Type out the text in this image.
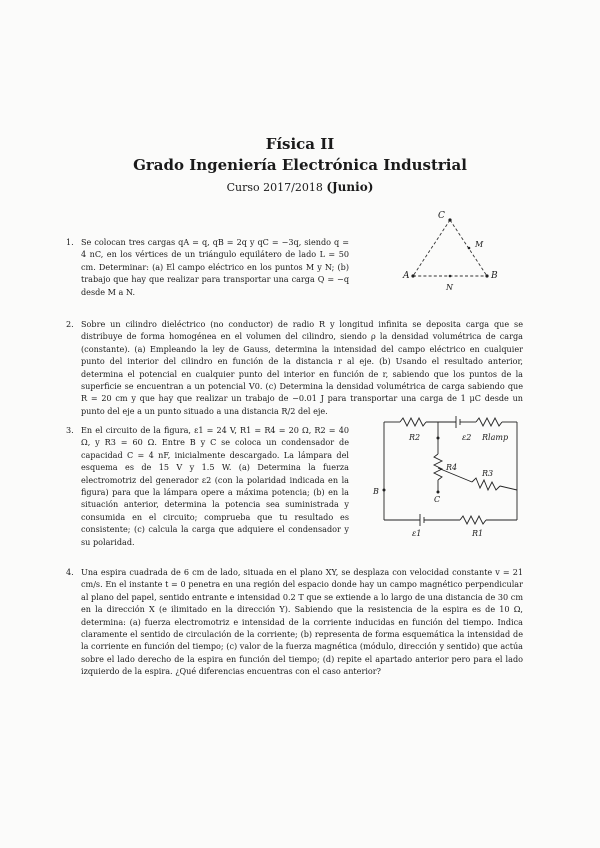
Física II
Grado Ingeniería Electrónica Industrial
Curso 2017/2018 (Junio)
1. Se colocan tres cargas qA = q, qB = 2q y qC = −3q, siendo q = 4 nC, en los vértices de un triángulo equilátero de lado L = 50 cm. Determinar: (a) El campo eléctrico en los puntos M y N; (b) trabajo que hay que realizar para transportar una carga Q = −q desde M a N.
C
M
A	B
N
2. Sobre un cilindro dieléctrico (no conductor) de radio R y longitud infinita se deposita carga que se distribuye de forma homogénea en el volumen del cilindro, siendo ρ la densidad volumétrica de carga (constante). (a) Empleando la ley de Gauss, determina la intensidad del campo eléctrico en cualquier punto del interior del cilindro en función de la distancia r al eje. (b) Usando el resultado anterior, determina el potencial en cualquier punto del interior en función de r, sabiendo que los puntos de la superficie se encuentran a un potencial V0. (c) Determina la densidad volumétrica de carga sabiendo que R = 20 cm y que hay que realizar un trabajo de −0.01 J para transportar una carga de 1 μC desde un punto del eje a un punto situado a una distancia R/2 del eje.
3. En el circuito de la figura, ε1 = 24 V, R1 = R4 = 20 Ω, R2 = 40 Ω, y R3 = 60 Ω. Entre B y C se coloca un condensador de capacidad C = 4 nF, inicialmente descargado. La lámpara del esquema es de 15 V y 1.5 W. (a) Determina la fuerza electromotriz del generador ε2 (con la polaridad indicada en la figura) para que la lámpara opere a máxima potencia; (b) en la situación anterior, determina la potencia sea suministrada y consumida en el circuito; comprueba que tu resultado es consistente; (c) calcula la carga que adquiere el condensador y su polaridad.
R2	ε2 Rlamp
R4
C
R3
B
ε1	R1
4. Una espira cuadrada de 6 cm de lado, situada en el plano XY, se desplaza con velocidad constante v = 21 cm/s. En el instante t = 0 penetra en una región del espacio donde hay un campo magnético perpendicular al plano del papel, sentido entrante e intensidad 0.2 T que se extiende a lo largo de una distancia de 30 cm en la dirección X (e ilimitado en la dirección Y). Sabiendo que la resistencia de la espira es de 10 Ω, determina: (a) fuerza electromotriz e intensidad de la corriente inducidas en función del tiempo. Indica claramente el sentido de circulación de la corriente; (b) representa de forma esquemática la intensidad de la corriente en función del tiempo; (c) valor de la fuerza magnética (módulo, dirección y sentido) que actúa sobre el lado derecho de la espira en función del tiempo; (d) repite el apartado anterior pero para el lado izquierdo de la espira. ¿Qué diferencias encuentras con el caso anterior?
